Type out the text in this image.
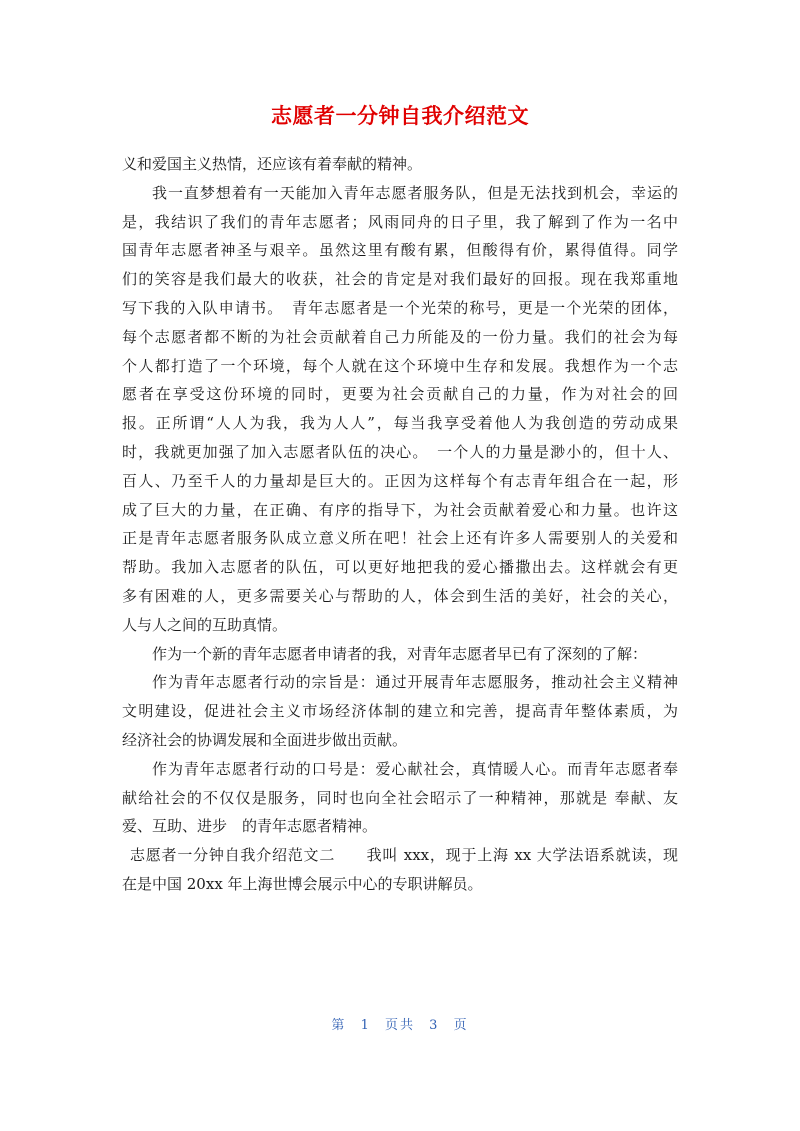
志愿者一分钟自我介绍范文
义和爱国主义热情，还应该有着奉献的精神。
我一直梦想着有一天能加入青年志愿者服务队，但是无法找到机会，幸运的
是，我结识了我们的青年志愿者；风雨同舟的日子里，我了解到了作为一名中
国青年志愿者神圣与艰辛。虽然这里有酸有累，但酸得有价，累得值得。同学
们的笑容是我们最大的收获，社会的肯定是对我们最好的回报。现在我郑重地
写下我的入队申请书。　青年志愿者是一个光荣的称号，更是一个光荣的团体，
每个志愿者都不断的为社会贡献着自己力所能及的一份力量。我们的社会为每
个人都打造了一个环境，每个人就在这个环境中生存和发展。我想作为一个志
愿者在享受这份环境的同时，更要为社会贡献自己的力量，作为对社会的回
报。正所谓“人人为我，我为人人”，每当我享受着他人为我创造的劳动成果
时，我就更加强了加入志愿者队伍的决心。　一个人的力量是渺小的，但十人、
百人、乃至千人的力量却是巨大的。正因为这样每个有志青年组合在一起，形
成了巨大的力量，在正确、有序的指导下，为社会贡献着爱心和力量。也许这
正是青年志愿者服务队成立意义所在吧！社会上还有许多人需要别人的关爱和
帮助。我加入志愿者的队伍，可以更好地把我的爱心播撒出去。这样就会有更
多有困难的人，更多需要关心与帮助的人，体会到生活的美好，社会的关心，
人与人之间的互助真情。
作为一个新的青年志愿者申请者的我，对青年志愿者早已有了深刻的了解：
作为青年志愿者行动的宗旨是：通过开展青年志愿服务，推动社会主义精神
文明建设，促进社会主义市场经济体制的建立和完善，提高青年整体素质，为
经济社会的协调发展和全面进步做出贡献。
作为青年志愿者行动的口号是：爱心献社会，真情暖人心。而青年志愿者奉
献给社会的不仅仅是服务，同时也向全社会昭示了一种精神，那就是 奉献、友
爱、互助、进步　的青年志愿者精神。
志愿者一分钟自我介绍范文二　　我叫 xxx，现于上海 xx 大学法语系就读，现
在是中国 20xx 年上海世博会展示中心的专职讲解员。
第 1 页共 3 页
